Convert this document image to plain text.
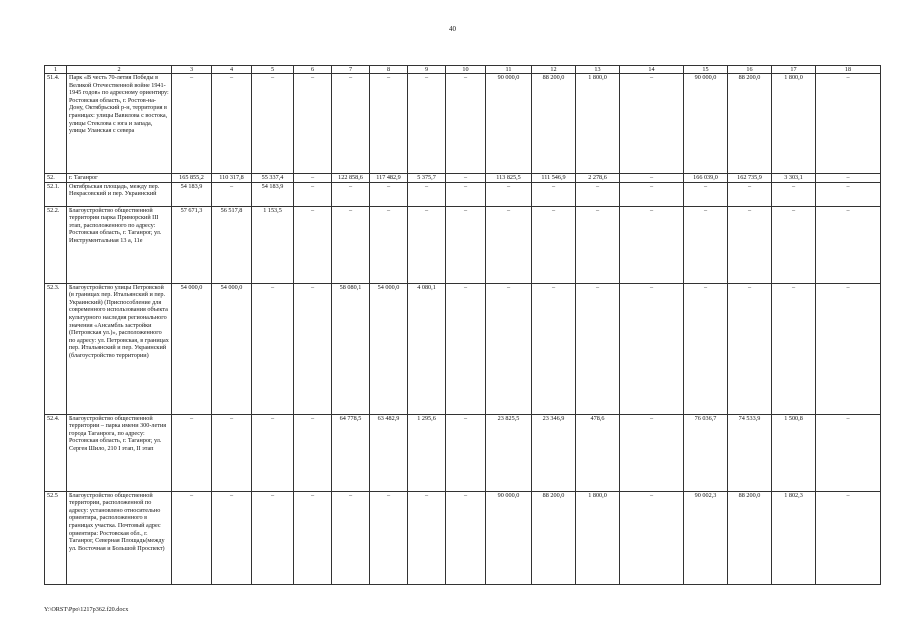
40
1	2	3	4	5	6	7	8	9	10	11	12	13	14	15	16	17	18
51.4.	Парк «В честь 70-летия Победы в Великой Отечественной войне 1941-1945 годов» по адресному ориентиру: Ростовская область, г. Ростов-на-Дону, Октябрьский р-н, территория в границах: улицы Вавилова с востока, улицы Стеклова с юга и запада, улицы Уланская с севера	–	–	–	–	–	–	–	–	90 000,0	88 200,0	1 800,0	–	90 000,0	88 200,0	1 800,0	–
52.	г. Таганрог	165 855,2	110 317,8	55 337,4	–	122 858,6	117 482,9	5 375,7	–	113 825,5	111 546,9	2 278,6	–	166 039,0	162 735,9	3 303,1	–
52.1.	Октябрьская площадь, между пер. Некрасовский и пер. Украинский	54 183,9	–	54 183,9	–	–	–	–	–	–	–	–	–	–	–	–	–
52.2.	Благоустройство общественной территории парка Приморский III этап, расположенного по адресу: Ростовская область, г. Таганрог, ул. Инструментальная 13 а, 11е	57 671,3	56 517,8	1 153,5	–	–	–	–	–	–	–	–	–	–	–	–	–
52.3.	Благоустройство улицы Петровской (в границах пер. Итальянский и пер. Украинский) (Приспособление для современного использования объекта культурного наследия регионального значения «Ансамбль застройки (Петровская ул.)», расположенного по адресу: ул. Петровская, в границах пер. Итальянский и пер. Украинский (благоустройство территории)	54 000,0	54 000,0	–	–	58 080,1	54 000,0	4 080,1	–	–	–	–	–	–	–	–	–
52.4.	Благоустройство общественной территории – парка имени 300-летия города Таганрога, по адресу: Ростовская область, г. Таганрог, ул. Сергея Шило, 210 I этап, II этап	–	–	–	–	64 778,5	63 482,9	1 295,6	–	23 825,5	23 346,9	478,6	–	76 036,7	74 533,9	1 500,8	–
52.5	Благоустройство общественной территории, расположенной по адресу: установлено относительно ориентира, расположенного в границах участка. Почтовый адрес ориентира: Ростовская обл., г. Таганрог, Северная Площадь(между ул. Восточная и Большой Проспект)	–	–	–	–	–	–	–	–	90 000,0	88 200,0	1 800,0	–	90 002,3	88 200,0	1 802,3	–
Y:\ORST\Ppo\1217p362.f20.docx
